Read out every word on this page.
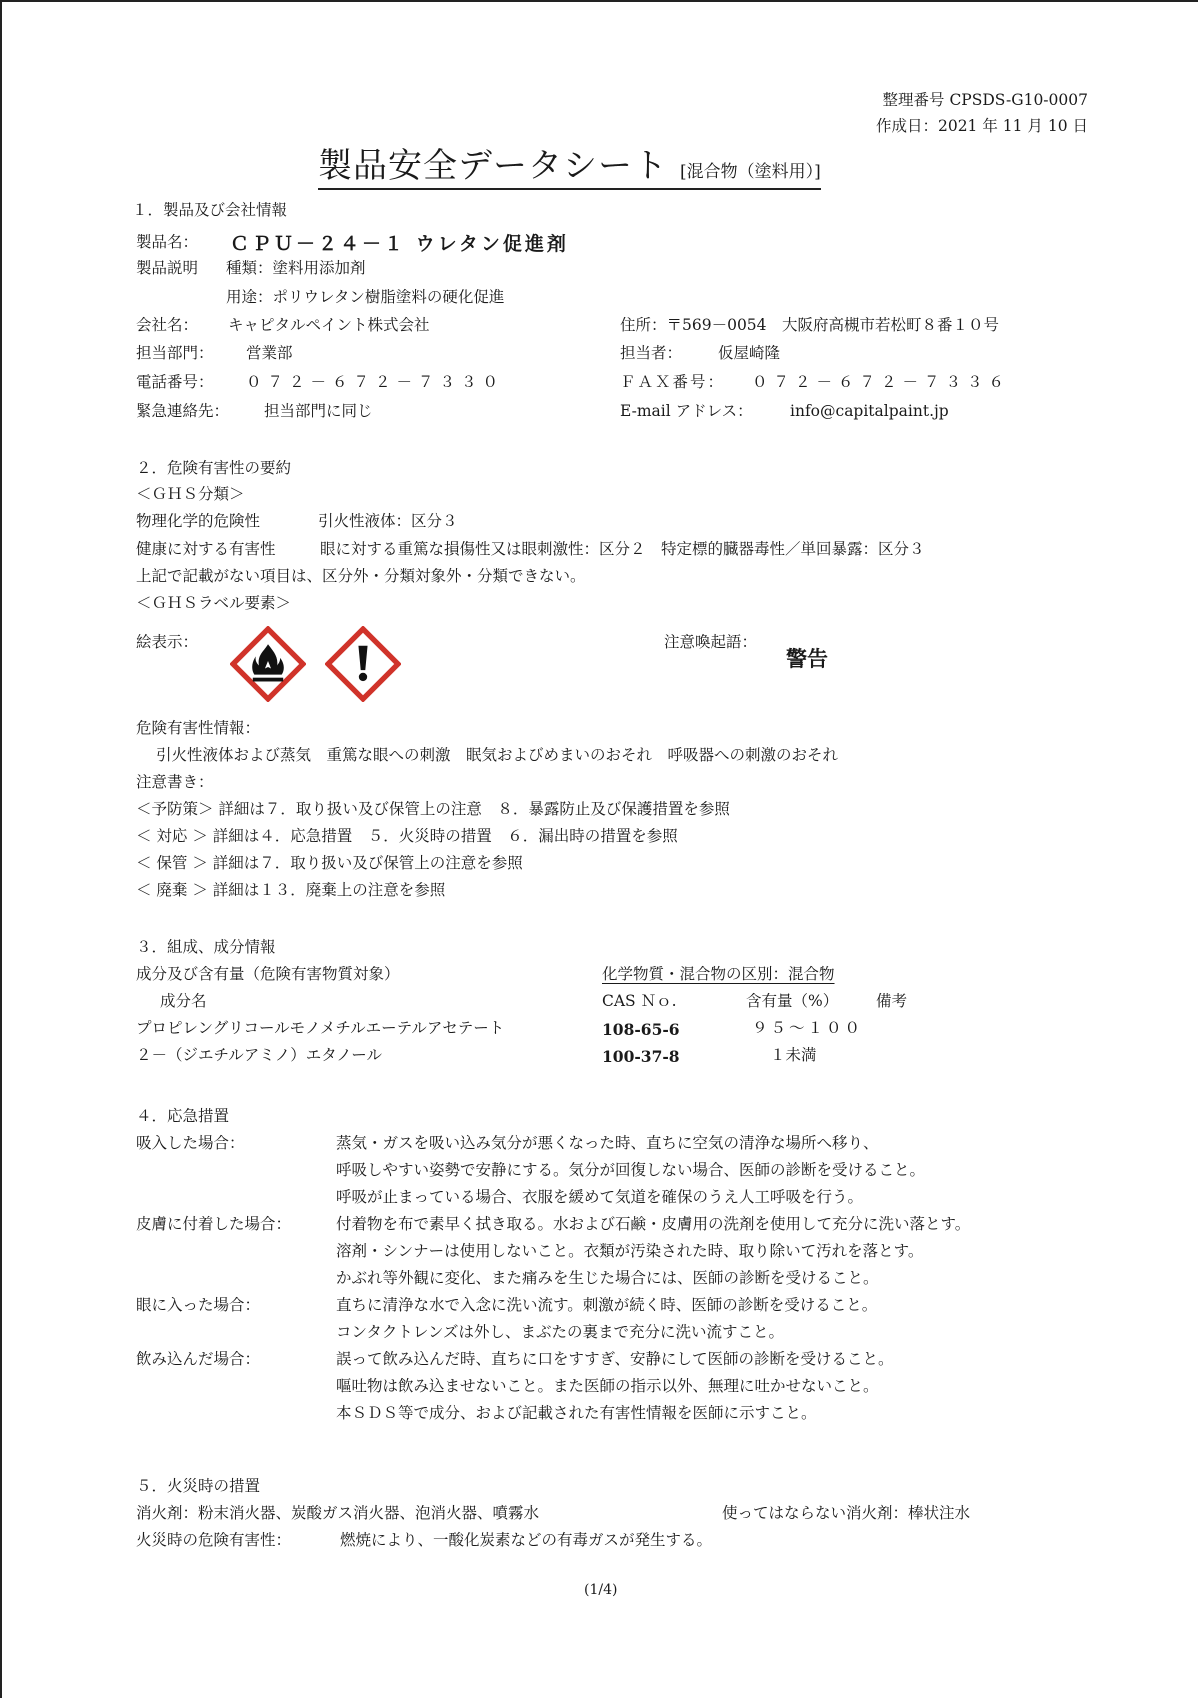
整理番号 CPSDS-G10-0007
作成日：2021 年 11 月 10 日
製品安全データシート [混合物（塗料用）]
１．製品及び会社情報
製品名： ＣＰＵ－２４－１ ウレタン促進剤
製品説明 種類：塗料用添加剤
用途：ポリウレタン樹脂塗料の硬化促進
会社名： キャピタルペイント株式会社	住所：〒569－0054　大阪府高槻市若松町８番１０号
担当部門： 営業部	担当者： 仮屋崎隆
電話番号： ０７２－６７２－７３３０	ＦＡＸ番号： ０７２－６７２－７３３６
緊急連絡先： 担当部門に同じ	E-mail アドレス： info@capitalpaint.jp
２．危険有害性の要約
＜ＧＨＳ分類＞
物理化学的危険性	引火性液体：区分３
健康に対する有害性	眼に対する重篤な損傷性又は眼刺激性：区分２　特定標的臓器毒性／単回暴露：区分３
上記で記載がない項目は、区分外・分類対象外・分類できない。
＜ＧＨＳラベル要素＞
絵表示：	注意喚起語：
警告
危険有害性情報：
引火性液体および蒸気　重篤な眼への刺激　眠気およびめまいのおそれ　呼吸器への刺激のおそれ
注意書き：
＜予防策＞ 詳細は７．取り扱い及び保管上の注意　８．暴露防止及び保護措置を参照
＜ 対応 ＞ 詳細は４．応急措置　５．火災時の措置　６．漏出時の措置を参照
＜ 保管 ＞ 詳細は７．取り扱い及び保管上の注意を参照
＜ 廃棄 ＞ 詳細は１３．廃棄上の注意を参照
３．組成、成分情報
成分及び含有量（危険有害物質対象）	化学物質・混合物の区別：混合物
成分名	CAS Ｎｏ.	含有量（%） 備考
プロピレングリコールモノメチルエーテルアセテート	108-65-6	９５～１００
２－（ジエチルアミノ）エタノール	100-37-8	１未満
４．応急措置
吸入した場合：	蒸気・ガスを吸い込み気分が悪くなった時、直ちに空気の清浄な場所へ移り、
呼吸しやすい姿勢で安静にする。気分が回復しない場合、医師の診断を受けること。
呼吸が止まっている場合、衣服を緩めて気道を確保のうえ人工呼吸を行う。
皮膚に付着した場合：	付着物を布で素早く拭き取る。水および石鹸・皮膚用の洗剤を使用して充分に洗い落とす。
溶剤・シンナーは使用しないこと。衣類が汚染された時、取り除いて汚れを落とす。
かぶれ等外観に変化、また痛みを生じた場合には、医師の診断を受けること。
眼に入った場合：	直ちに清浄な水で入念に洗い流す。刺激が続く時、医師の診断を受けること。
コンタクトレンズは外し、まぶたの裏まで充分に洗い流すこと。
飲み込んだ場合：	誤って飲み込んだ時、直ちに口をすすぎ、安静にして医師の診断を受けること。
嘔吐物は飲み込ませないこと。また医師の指示以外、無理に吐かせないこと。
本ＳＤＳ等で成分、および記載された有害性情報を医師に示すこと。
５．火災時の措置
消火剤：粉末消火器、炭酸ガス消火器、泡消火器、噴霧水	使ってはならない消火剤：棒状注水
火災時の危険有害性：	燃焼により、一酸化炭素などの有毒ガスが発生する。
(1/4)
